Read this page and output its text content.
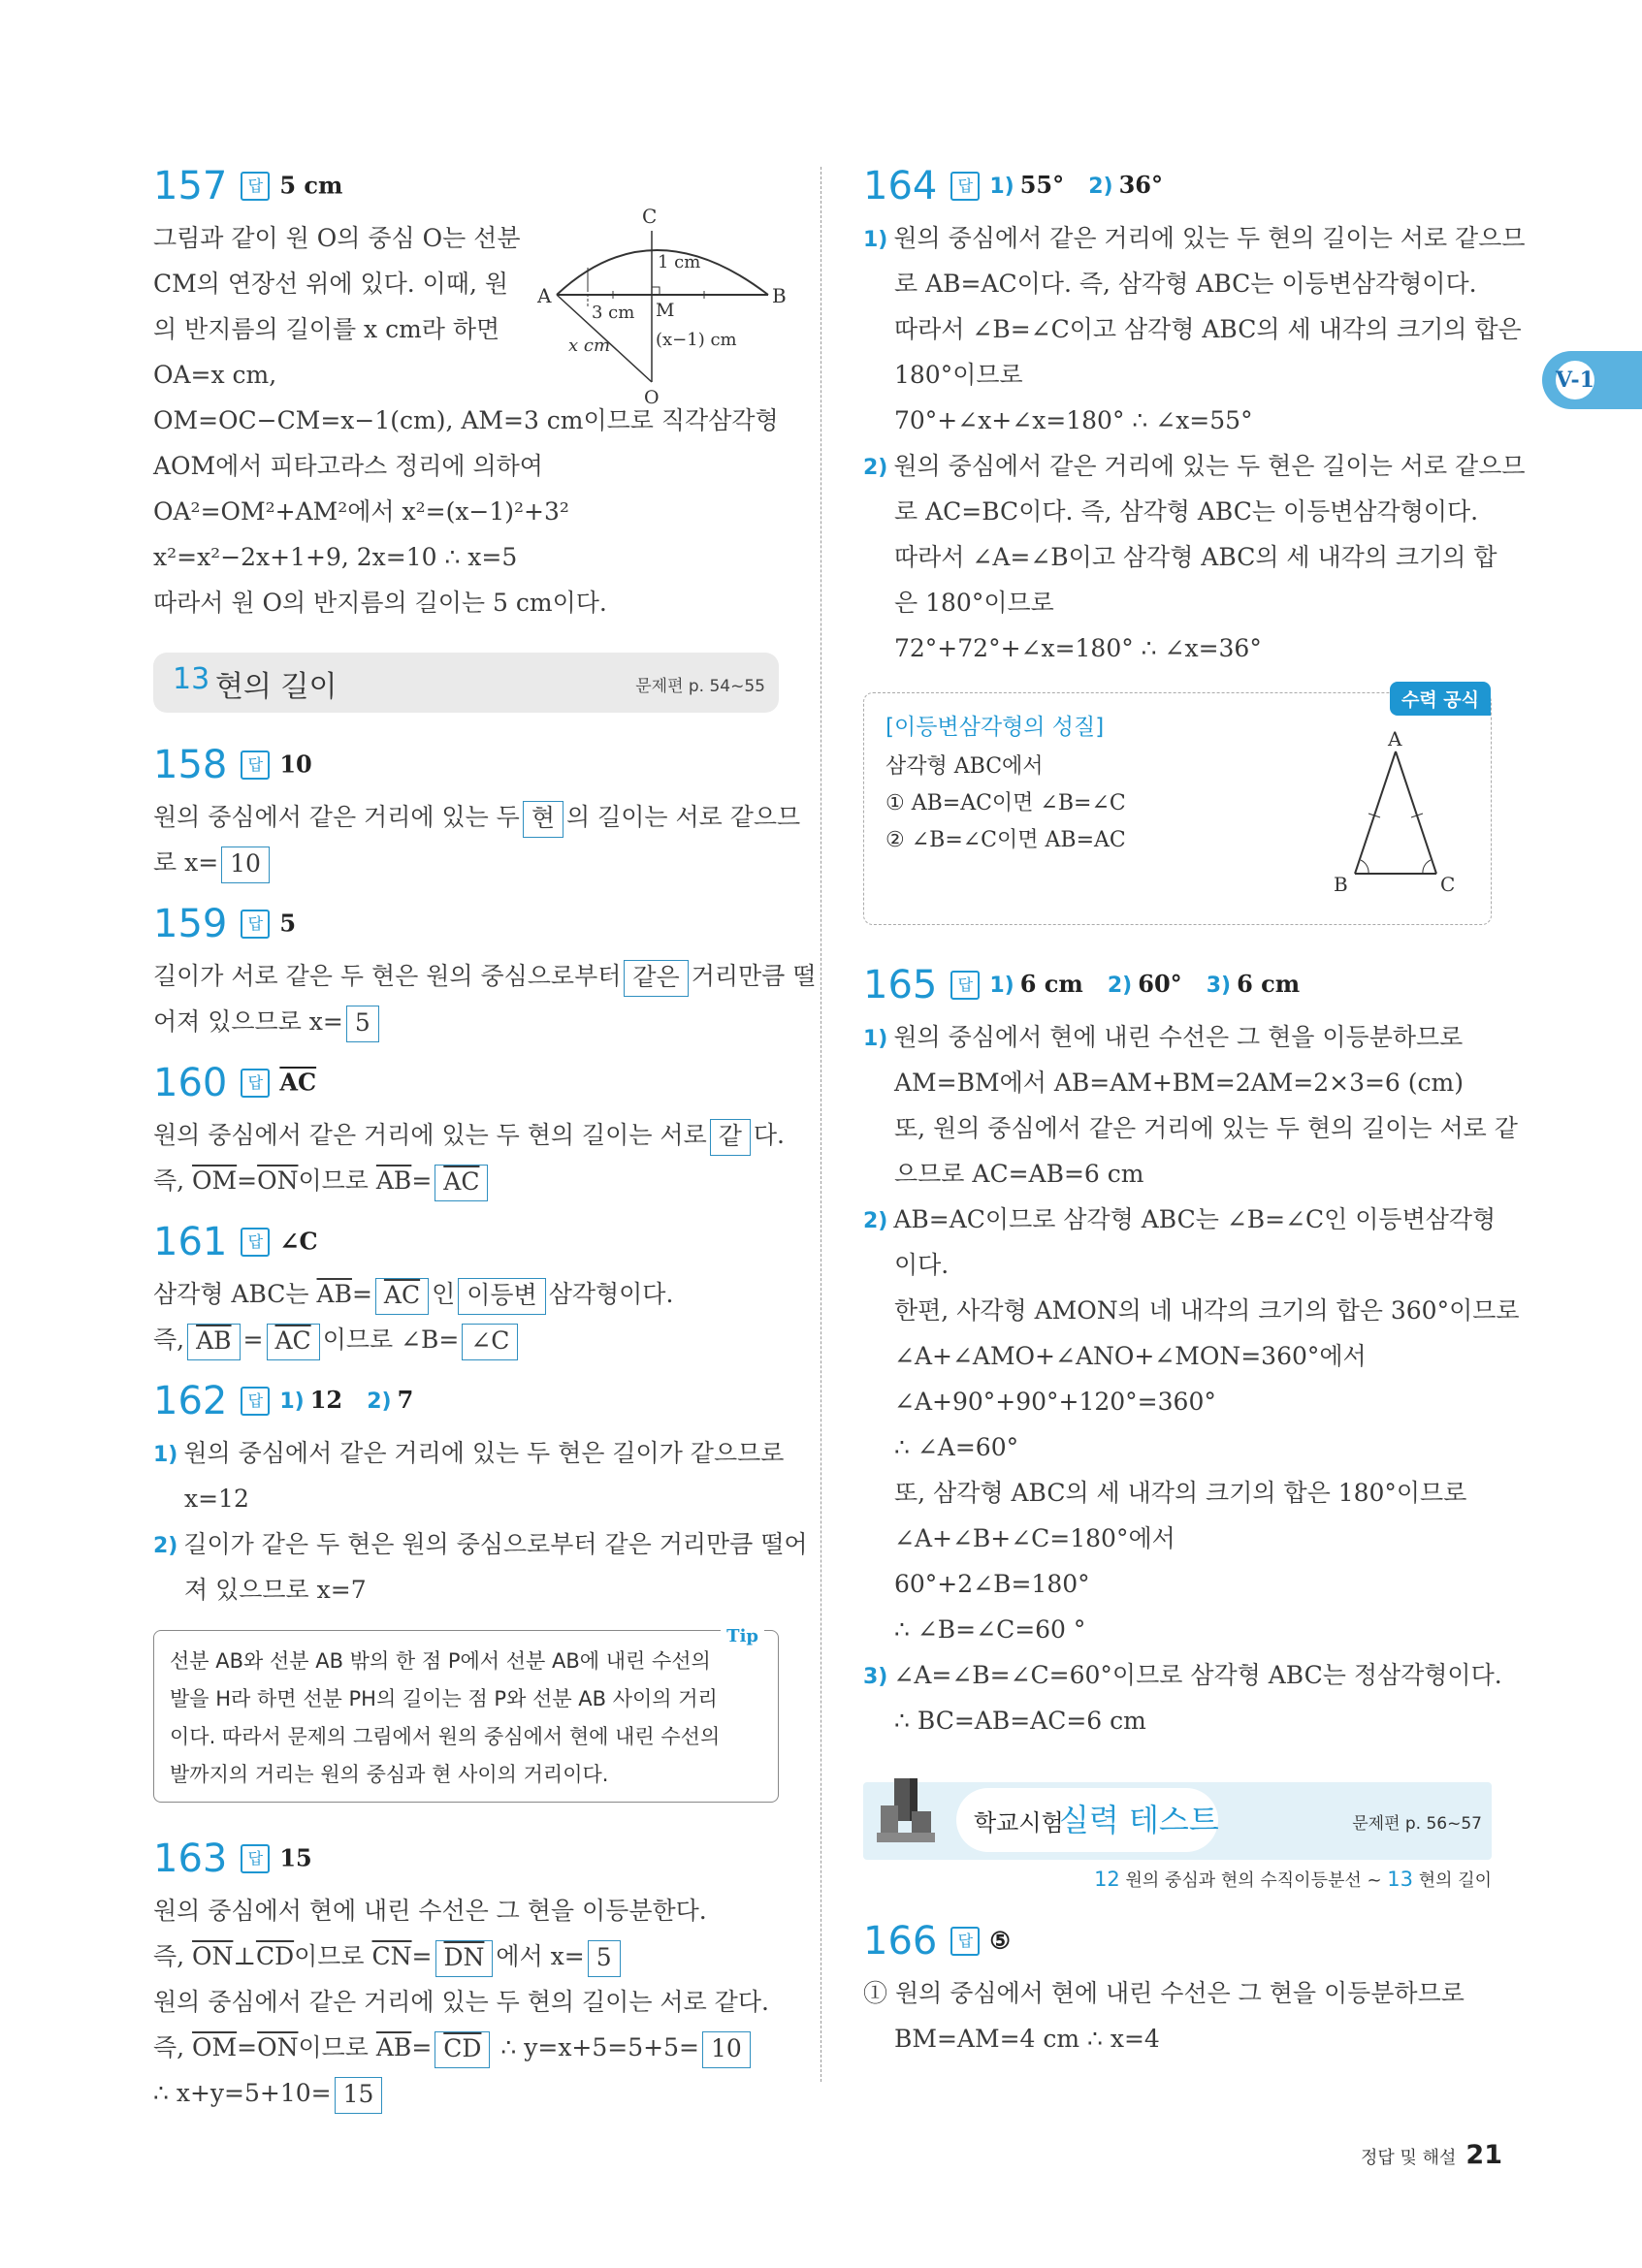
V-1
157 답 5 cm
C
A	B
M
O
1 cm
3 cm
x cm	(x−1) cm
그림과 같이 원 O의 중심 O는 선분
CM의 연장선 위에 있다. 이때, 원
의 반지름의 길이를 x cm라 하면
OA=x cm,
OM=OC−CM=x−1(cm), AM=3 cm이므로 직각삼각형
AOM에서 피타고라스 정리에 의하여
OA²=OM²+AM²에서 x²=(x−1)²+3²
x²=x²−2x+1+9, 2x=10 ∴ x=5
따라서 원 O의 반지름의 길이는 5 cm이다.
13 현의 길이	문제편 p. 54~55
158 답 10
원의 중심에서 같은 거리에 있는 두 현 의 길이는 서로 같으므
로 x= 10
159 답 5
길이가 서로 같은 두 현은 원의 중심으로부터 같은 거리만큼 떨
어져 있으므로 x= 5
160 답 $\overline{AC}$
원의 중심에서 같은 거리에 있는 두 현의 길이는 서로 같 다.
즉, $\overline{OM}=\overline{ON}$이므로 $\overline{AB}= \overline{AC}$
161 답 ∠C
삼각형 ABC는 $\overline{AB}= \overline{AC}$ 인 이등변 삼각형이다.
즉, $\overline{AB} = \overline{AC}$ 이므로 ∠B= ∠C
162 답 1) 12 2) 7
1) 원의 중심에서 같은 거리에 있는 두 현은 길이가 같으므로
x=12
2) 길이가 같은 두 현은 원의 중심으로부터 같은 거리만큼 떨어
져 있으므로 x=7
Tip
선분 AB와 선분 AB 밖의 한 점 P에서 선분 AB에 내린 수선의
발을 H라 하면 선분 PH의 길이는 점 P와 선분 AB 사이의 거리
이다. 따라서 문제의 그림에서 원의 중심에서 현에 내린 수선의
발까지의 거리는 원의 중심과 현 사이의 거리이다.
163 답 15
원의 중심에서 현에 내린 수선은 그 현을 이등분한다.
즉, $\overline{ON}\perp\overline{CD}$이므로 $\overline{CN}= \overline{DN}$ 에서 x= 5
원의 중심에서 같은 거리에 있는 두 현의 길이는 서로 같다.
즉, $\overline{OM}=\overline{ON}$이므로 $\overline{AB}= \overline{CD}$ ∴ y=x+5=5+5= 10
∴ x+y=5+10= 15
164 답 1) 55° 2) 36°
1) 원의 중심에서 같은 거리에 있는 두 현의 길이는 서로 같으므
로 AB=AC이다. 즉, 삼각형 ABC는 이등변삼각형이다.
따라서 ∠B=∠C이고 삼각형 ABC의 세 내각의 크기의 합은
180°이므로
70°+∠x+∠x=180° ∴ ∠x=55°
2) 원의 중심에서 같은 거리에 있는 두 현은 길이는 서로 같으므
로 AC=BC이다. 즉, 삼각형 ABC는 이등변삼각형이다.
따라서 ∠A=∠B이고 삼각형 ABC의 세 내각의 크기의 합
은 180°이므로
72°+72°+∠x=180° ∴ ∠x=36°
수력 공식
[이등변삼각형의 성질]
삼각형 ABC에서
① AB=AC이면 ∠B=∠C
② ∠B=∠C이면 AB=AC
A
B	C
165 답 1) 6 cm 2) 60° 3) 6 cm
1) 원의 중심에서 현에 내린 수선은 그 현을 이등분하므로
AM=BM에서 AB=AM+BM=2AM=2×3=6 (cm)
또, 원의 중심에서 같은 거리에 있는 두 현의 길이는 서로 같
으므로 AC=AB=6 cm
2) AB=AC이므로 삼각형 ABC는 ∠B=∠C인 이등변삼각형
이다.
한편, 사각형 AMON의 네 내각의 크기의 합은 360°이므로
∠A+∠AMO+∠ANO+∠MON=360°에서
∠A+90°+90°+120°=360°
∴ ∠A=60°
또, 삼각형 ABC의 세 내각의 크기의 합은 180°이므로
∠A+∠B+∠C=180°에서
60°+2∠B=180°
∴ ∠B=∠C=60 °
3) ∠A=∠B=∠C=60°이므로 삼각형 ABC는 정삼각형이다.
∴ BC=AB=AC=6 cm
학교시험
실력 테스트	문제편 p. 56~57
12 원의 중심과 현의 수직이등분선 ~ 13 현의 길이
166 답 ⑤
① 원의 중심에서 현에 내린 수선은 그 현을 이등분하므로
BM=AM=4 cm ∴ x=4
정답 및 해설 21
